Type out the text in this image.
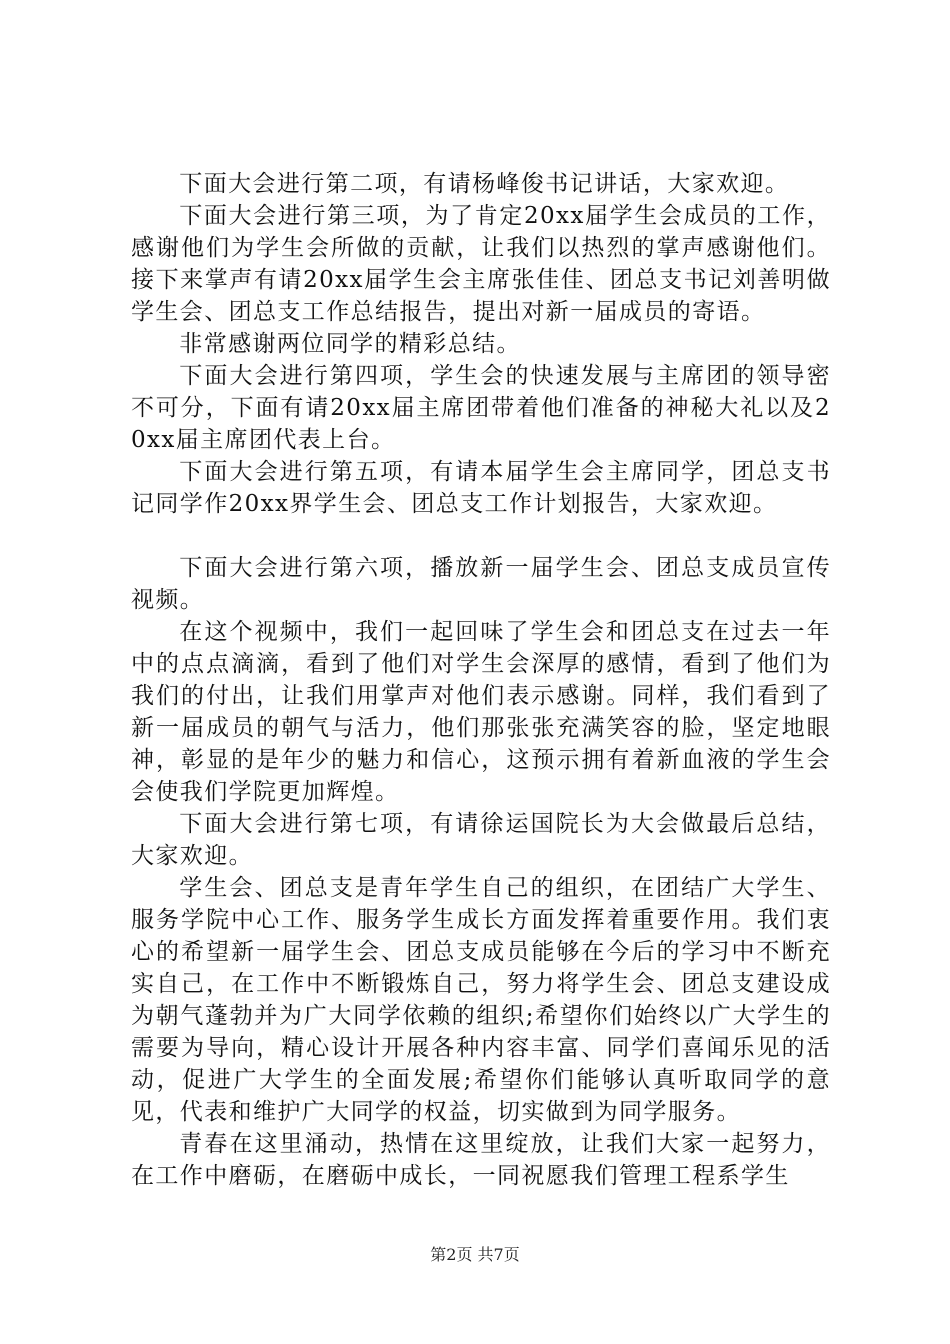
下面大会进行第二项，有请杨峰俊书记讲话，大家欢迎。

下面大会进行第三项，为了肯定20xx届学生会成员的工作，感谢他们为学生会所做的贡献，让我们以热烈的掌声感谢他们。接下来掌声有请20xx届学生会主席张佳佳、团总支书记刘善明做学生会、团总支工作总结报告，提出对新一届成员的寄语。

非常感谢两位同学的精彩总结。

下面大会进行第四项，学生会的快速发展与主席团的领导密不可分，下面有请20xx届主席团带着他们准备的神秘大礼以及20xx届主席团代表上台。

下面大会进行第五项，有请本届学生会主席同学，团总支书记同学作20xx界学生会、团总支工作计划报告，大家欢迎。

下面大会进行第六项，播放新一届学生会、团总支成员宣传视频。

在这个视频中，我们一起回味了学生会和团总支在过去一年中的点点滴滴，看到了他们对学生会深厚的感情，看到了他们为我们的付出，让我们用掌声对他们表示感谢。同样，我们看到了新一届成员的朝气与活力，他们那张张充满笑容的脸，坚定地眼神，彰显的是年少的魅力和信心，这预示拥有着新血液的学生会会使我们学院更加辉煌。

下面大会进行第七项，有请徐运国院长为大会做最后总结，大家欢迎。

学生会、团总支是青年学生自己的组织，在团结广大学生、服务学院中心工作、服务学生成长方面发挥着重要作用。我们衷心的希望新一届学生会、团总支成员能够在今后的学习中不断充实自己，在工作中不断锻炼自己，努力将学生会、团总支建设成为朝气蓬勃并为广大同学依赖的组织;希望你们始终以广大学生的需要为导向，精心设计开展各种内容丰富、同学们喜闻乐见的活动，促进广大学生的全面发展;希望你们能够认真听取同学的意见，代表和维护广大同学的权益，切实做到为同学服务。

青春在这里涌动，热情在这里绽放，让我们大家一起努力，在工作中磨砺，在磨砺中成长，一同祝愿我们管理工程系学生

第2页 共7页
